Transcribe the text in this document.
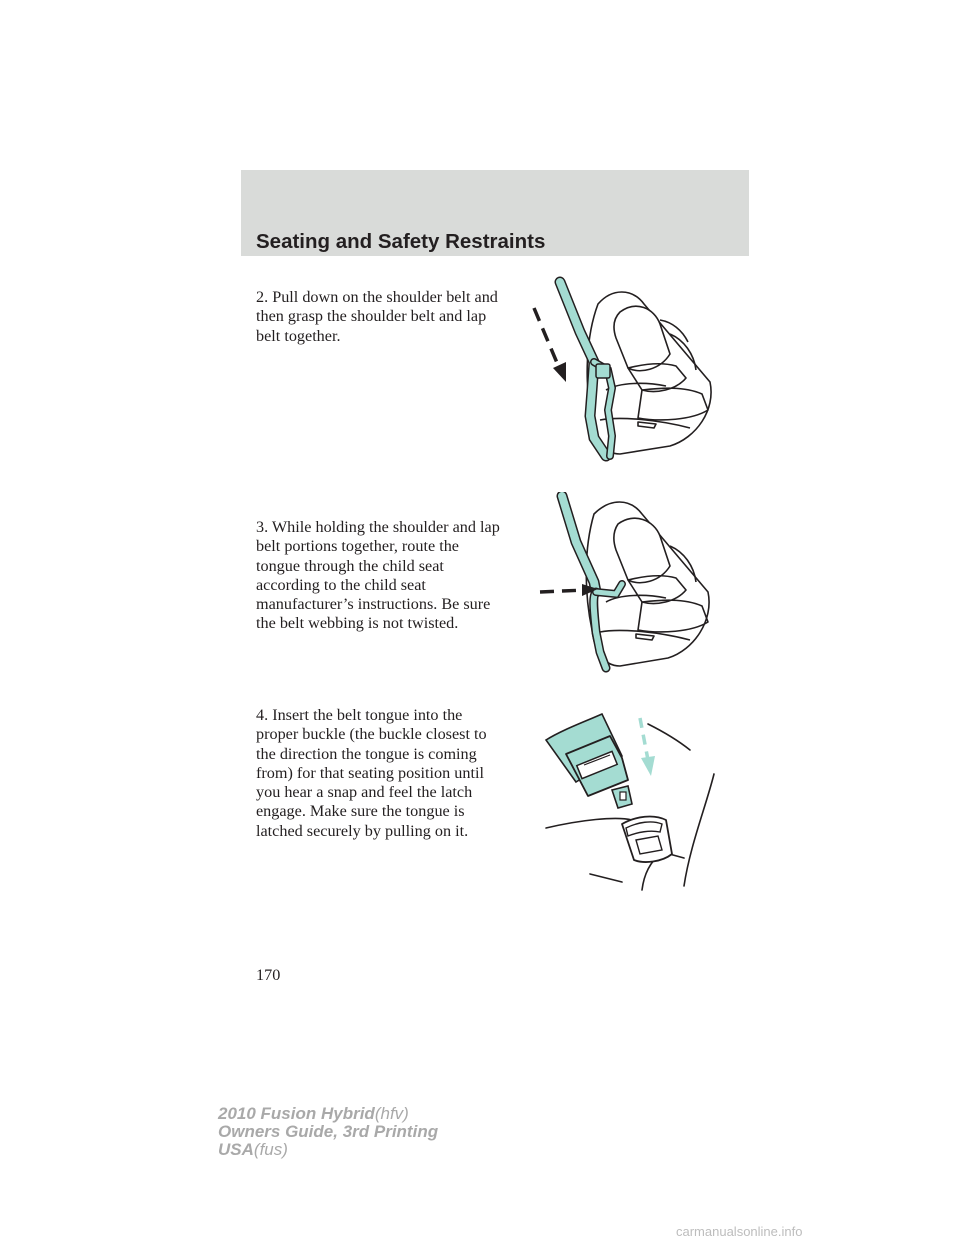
Seating and Safety Restraints

2. Pull down on the shoulder belt and then grasp the shoulder belt and lap belt together.

3. While holding the shoulder and lap belt portions together, route the tongue through the child seat according to the child seat manufacturer’s instructions. Be sure the belt webbing is not twisted.

4. Insert the belt tongue into the proper buckle (the buckle closest to the direction the tongue is coming from) for that seating position until you hear a snap and feel the latch engage. Make sure the tongue is latched securely by pulling on it.

170
2010 Fusion Hybrid(hfv)
Owners Guide, 3rd Printing
USA(fus)
carmanualsonline.info
